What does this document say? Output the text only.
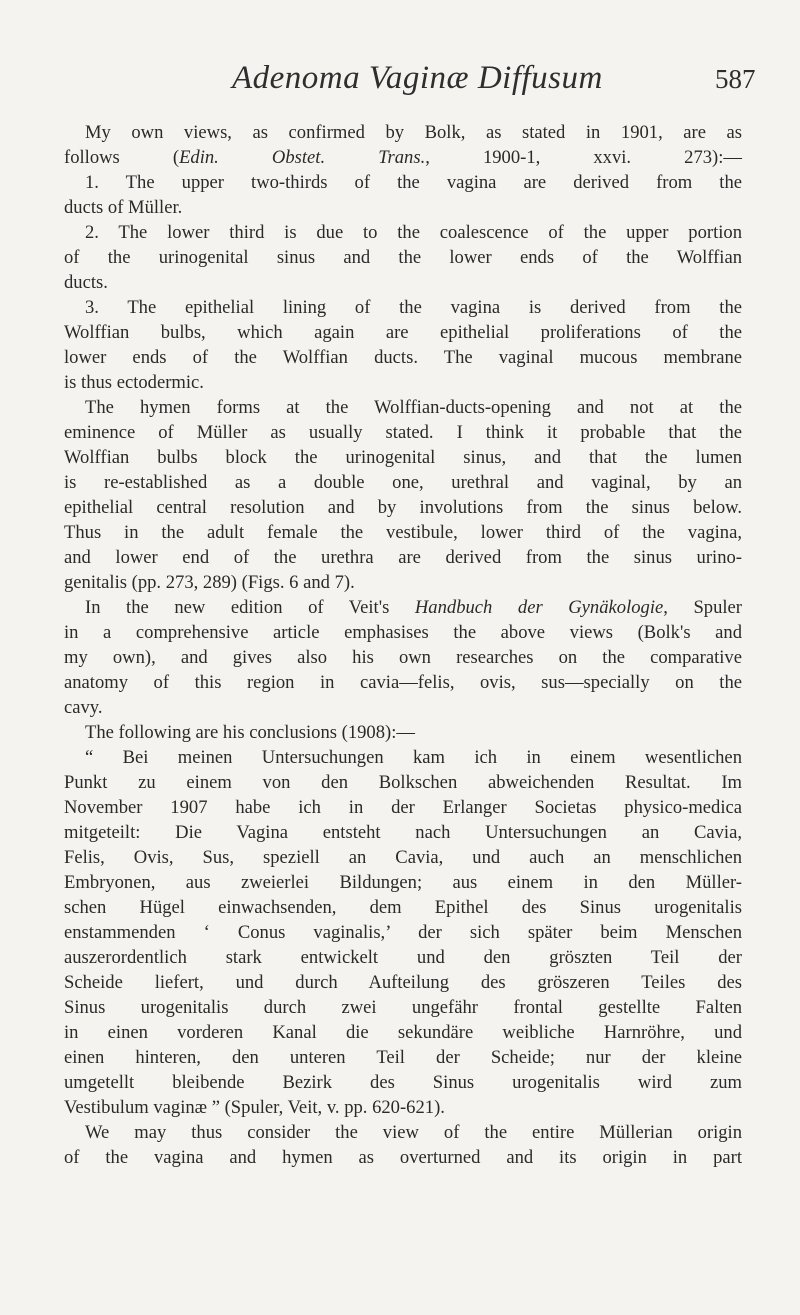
Adenoma Vaginæ Diffusum	587
My own views, as confirmed by Bolk, as stated in 1901, are as
follows (Edin. Obstet. Trans., 1900-1, xxvi. 273):—
1. The upper two-thirds of the vagina are derived from the
ducts of Müller.
2. The lower third is due to the coalescence of the upper portion
of the urinogenital sinus and the lower ends of the Wolffian
ducts.
3. The epithelial lining of the vagina is derived from the
Wolffian bulbs, which again are epithelial proliferations of the
lower ends of the Wolffian ducts. The vaginal mucous membrane
is thus ectodermic.
The hymen forms at the Wolffian-ducts-opening and not at the
eminence of Müller as usually stated. I think it probable that the
Wolffian bulbs block the urinogenital sinus, and that the lumen
is re-established as a double one, urethral and vaginal, by an
epithelial central resolution and by involutions from the sinus below.
Thus in the adult female the vestibule, lower third of the vagina,
and lower end of the urethra are derived from the sinus urino-
genitalis (pp. 273, 289) (Figs. 6 and 7).
In the new edition of Veit's Handbuch der Gynäkologie, Spuler
in a comprehensive article emphasises the above views (Bolk's and
my own), and gives also his own researches on the comparative
anatomy of this region in cavia—felis, ovis, sus—specially on the
cavy.
The following are his conclusions (1908):—
“ Bei meinen Untersuchungen kam ich in einem wesentlichen
Punkt zu einem von den Bolkschen abweichenden Resultat. Im
November 1907 habe ich in der Erlanger Societas physico-medica
mitgeteilt: Die Vagina entsteht nach Untersuchungen an Cavia,
Felis, Ovis, Sus, speziell an Cavia, und auch an menschlichen
Embryonen, aus zweierlei Bildungen; aus einem in den Müller-
schen Hügel einwachsenden, dem Epithel des Sinus urogenitalis
enstammenden ‘ Conus vaginalis,’ der sich später beim Menschen
auszerordentlich stark entwickelt und den gröszten Teil der
Scheide liefert, und durch Aufteilung des gröszeren Teiles des
Sinus urogenitalis durch zwei ungefähr frontal gestellte Falten
in einen vorderen Kanal die sekundäre weibliche Harnröhre, und
einen hinteren, den unteren Teil der Scheide; nur der kleine
umgetellt bleibende Bezirk des Sinus urogenitalis wird zum
Vestibulum vaginæ ” (Spuler, Veit, v. pp. 620-621).
We may thus consider the view of the entire Müllerian origin
of the vagina and hymen as overturned and its origin in part
